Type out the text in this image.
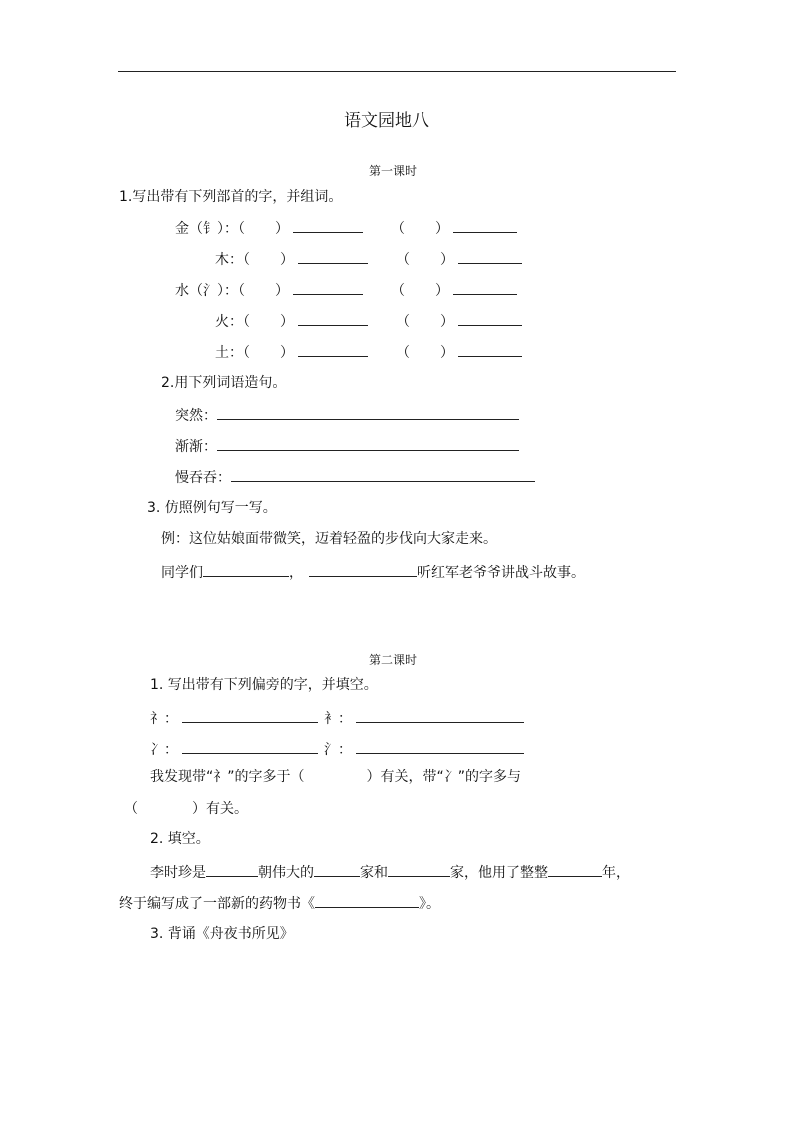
语文园地八
第一课时
1.写出带有下列部首的字，并组词。
金（钅）：（ ）	（ ）
木：（ ）	（ ）
水（氵）：（ ）	（ ）
火：（ ）	（ ）
土：（ ）	（ ）
2.用下列词语造句。
突然：
渐渐：
慢吞吞：
3. 仿照例句写一写。
例：这位姑娘面带微笑，迈着轻盈的步伐向大家走来。
同学们	，	听红军老爷爷讲战斗故事。
第二课时
1. 写出带有下列偏旁的字，并填空。
礻：	衤：
冫：	氵：
我发现带“礻”的字多于（	）有关，带“冫”的字多与
（	）有关。
2. 填空。
李时珍是	朝伟大的	家和	家，他用了整整	年，
终于编写成了一部新的药物书《	》。
3. 背诵《舟夜书所见》
